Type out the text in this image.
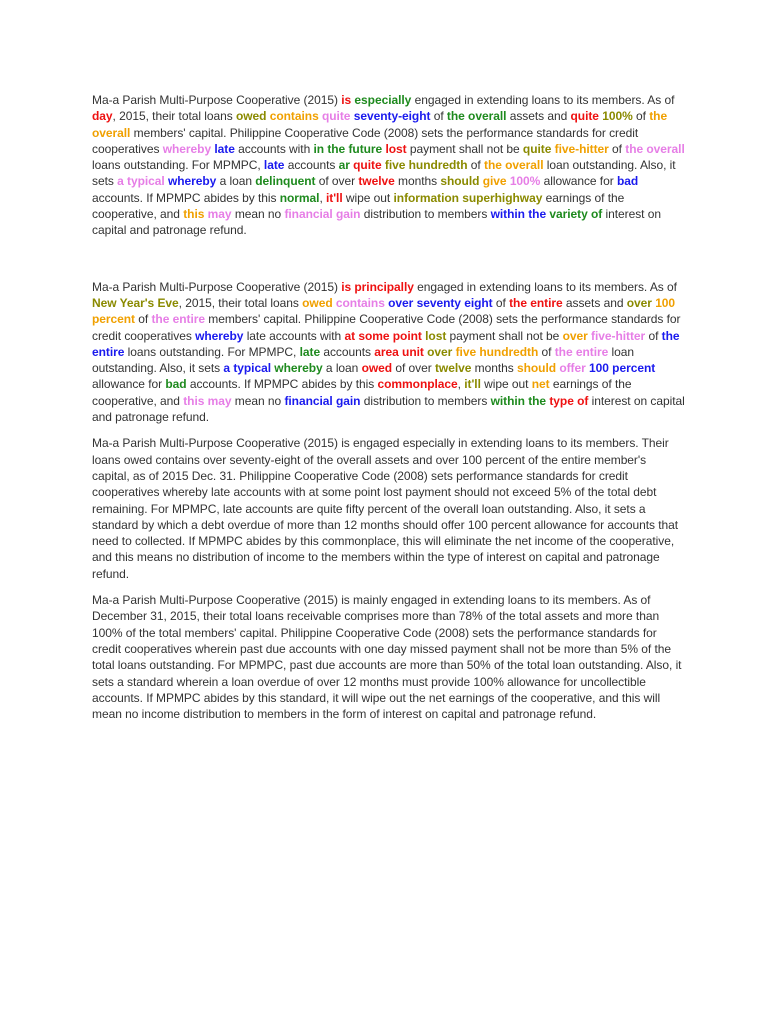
Ma-a Parish Multi-Purpose Cooperative (2015) is especially engaged in extending loans to its members. As of day, 2015, their total loans owed contains quite seventy-eight of the overall assets and quite 100% of the overall members' capital. Philippine Cooperative Code (2008) sets the performance standards for credit cooperatives whereby late accounts with in the future lost payment shall not be quite five-hitter of the overall loans outstanding. For MPMPC, late accounts ar quite five hundredth of the overall loan outstanding. Also, it sets a typical whereby a loan delinquent of over twelve months should give 100% allowance for bad accounts. If MPMPC abides by this normal, it'll wipe out information superhighway earnings of the cooperative, and this may mean no financial gain distribution to members within the variety of interest on capital and patronage refund.

Ma-a Parish Multi-Purpose Cooperative (2015) is principally engaged in extending loans to its members. As of New Year's Eve, 2015, their total loans owed contains over seventy eight of the entire assets and over 100 percent of the entire members' capital. Philippine Cooperative Code (2008) sets the performance standards for credit cooperatives whereby late accounts with at some point lost payment shall not be over five-hitter of the entire loans outstanding. For MPMPC, late accounts area unit over five hundredth of the entire loan outstanding. Also, it sets a typical whereby a loan owed of over twelve months should offer 100 percent allowance for bad accounts. If MPMPC abides by this commonplace, it'll wipe out net earnings of the cooperative, and this may mean no financial gain distribution to members within the type of interest on capital and patronage refund.

Ma-a Parish Multi-Purpose Cooperative (2015) is engaged especially in extending loans to its members. Their loans owed contains over seventy-eight of the overall assets and over 100 percent of the entire member's capital, as of 2015 Dec. 31. Philippine Cooperative Code (2008) sets performance standards for credit cooperatives whereby late accounts with at some point lost payment should not exceed 5% of the total debt remaining. For MPMPC, late accounts are quite fifty percent of the overall loan outstanding. Also, it sets a standard by which a debt overdue of more than 12 months should offer 100 percent allowance for accounts that need to collected. If MPMPC abides by this commonplace, this will eliminate the net income of the cooperative, and this means no distribution of income to the members within the type of interest on capital and patronage refund.

Ma-a Parish Multi-Purpose Cooperative (2015) is mainly engaged in extending loans to its members. As of December 31, 2015, their total loans receivable comprises more than 78% of the total assets and more than 100% of the total members' capital. Philippine Cooperative Code (2008) sets the performance standards for credit cooperatives wherein past due accounts with one day missed payment shall not be more than 5% of the total loans outstanding. For MPMPC, past due accounts are more than 50% of the total loan outstanding. Also, it sets a standard wherein a loan overdue of over 12 months must provide 100% allowance for uncollectible accounts. If MPMPC abides by this standard, it will wipe out the net earnings of the cooperative, and this will mean no income distribution to members in the form of interest on capital and patronage refund.
